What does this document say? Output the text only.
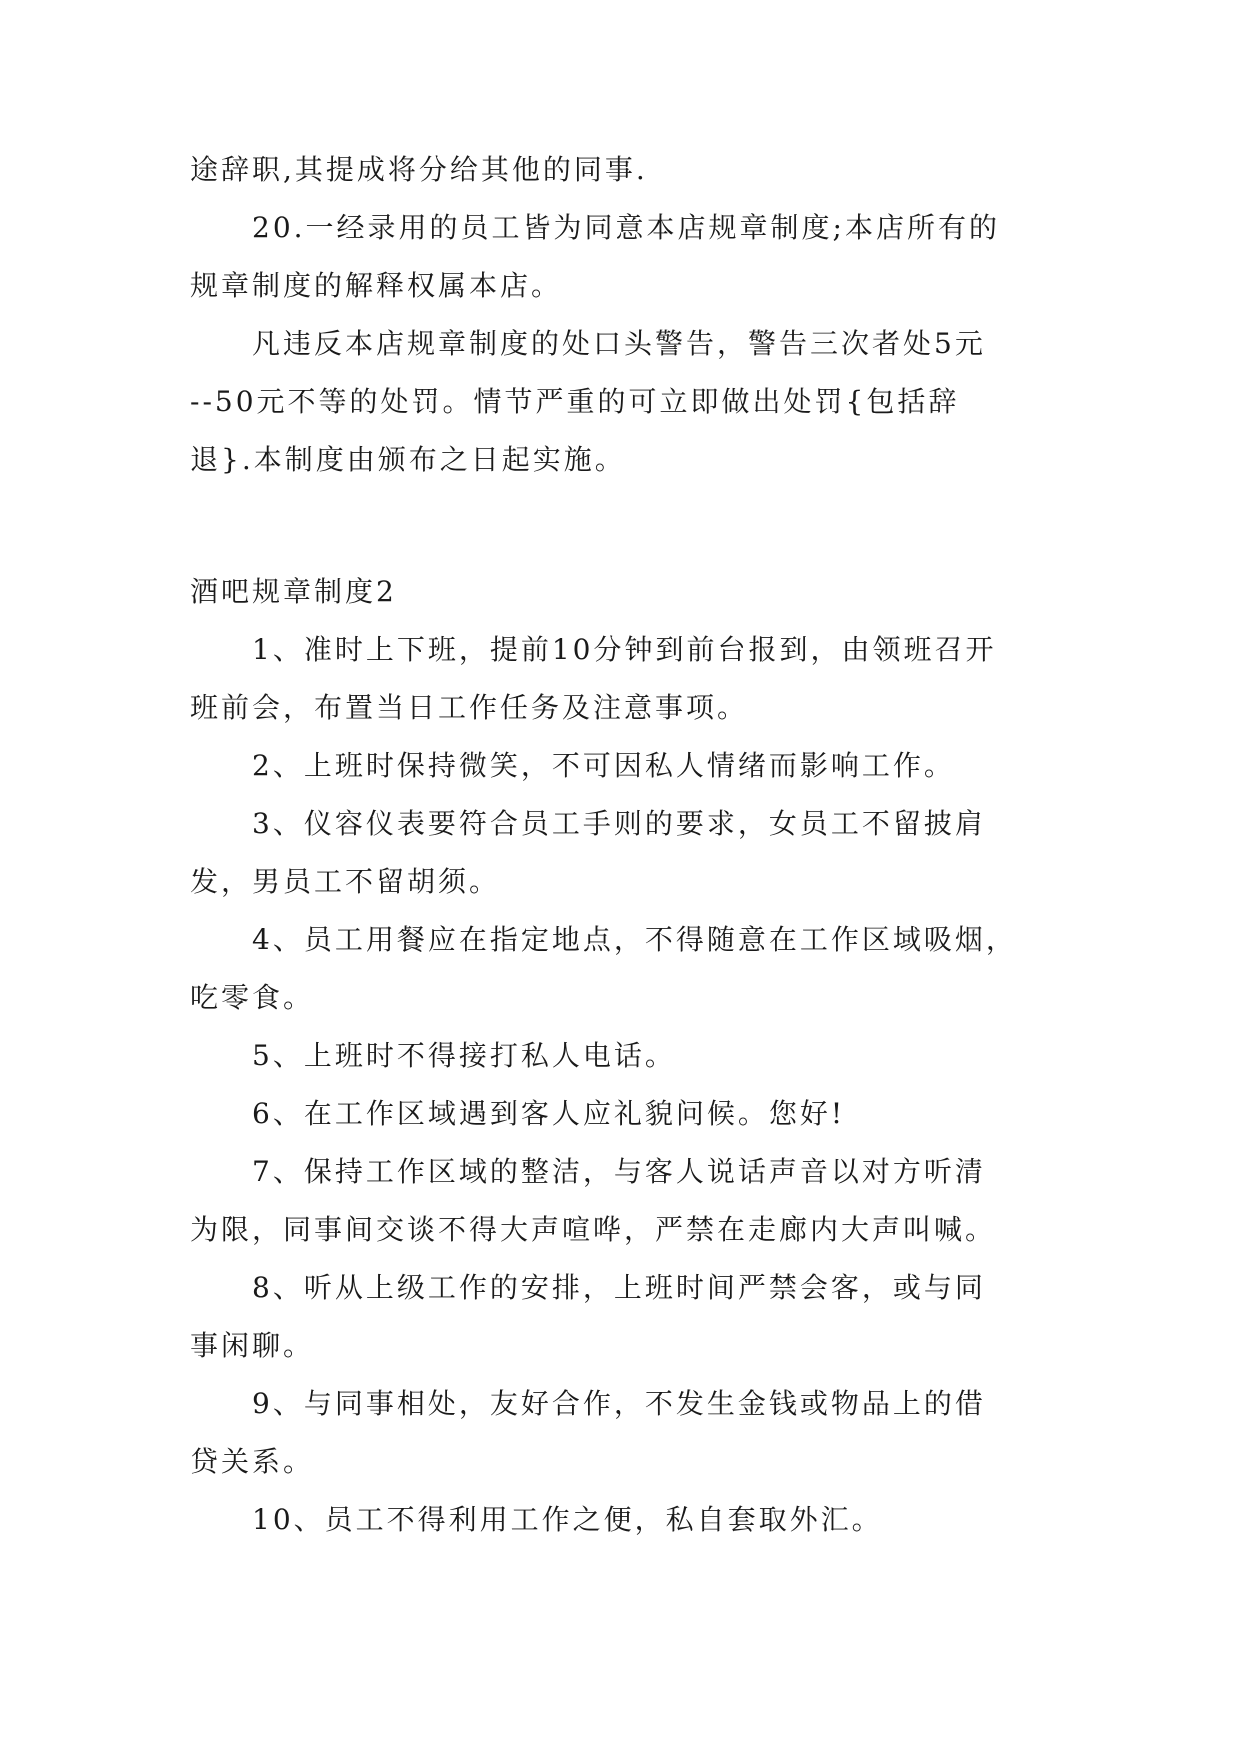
途辞职,其提成将分给其他的同事.

20.一经录用的员工皆为同意本店规章制度;本店所有的

规章制度的解释权属本店。

凡违反本店规章制度的处口头警告，警告三次者处5元

--50元不等的处罚。情节严重的可立即做出处罚{包括辞

退}.本制度由颁布之日起实施。

酒吧规章制度2

1、准时上下班，提前10分钟到前台报到，由领班召开

班前会，布置当日工作任务及注意事项。

2、上班时保持微笑，不可因私人情绪而影响工作。

3、仪容仪表要符合员工手则的要求，女员工不留披肩

发，男员工不留胡须。

4、员工用餐应在指定地点，不得随意在工作区域吸烟，

吃零食。

5、上班时不得接打私人电话。

6、在工作区域遇到客人应礼貌问候。您好!

7、保持工作区域的整洁，与客人说话声音以对方听清

为限，同事间交谈不得大声喧哗，严禁在走廊内大声叫喊。

8、听从上级工作的安排，上班时间严禁会客，或与同

事闲聊。

9、与同事相处，友好合作，不发生金钱或物品上的借

贷关系。

10、员工不得利用工作之便，私自套取外汇。
